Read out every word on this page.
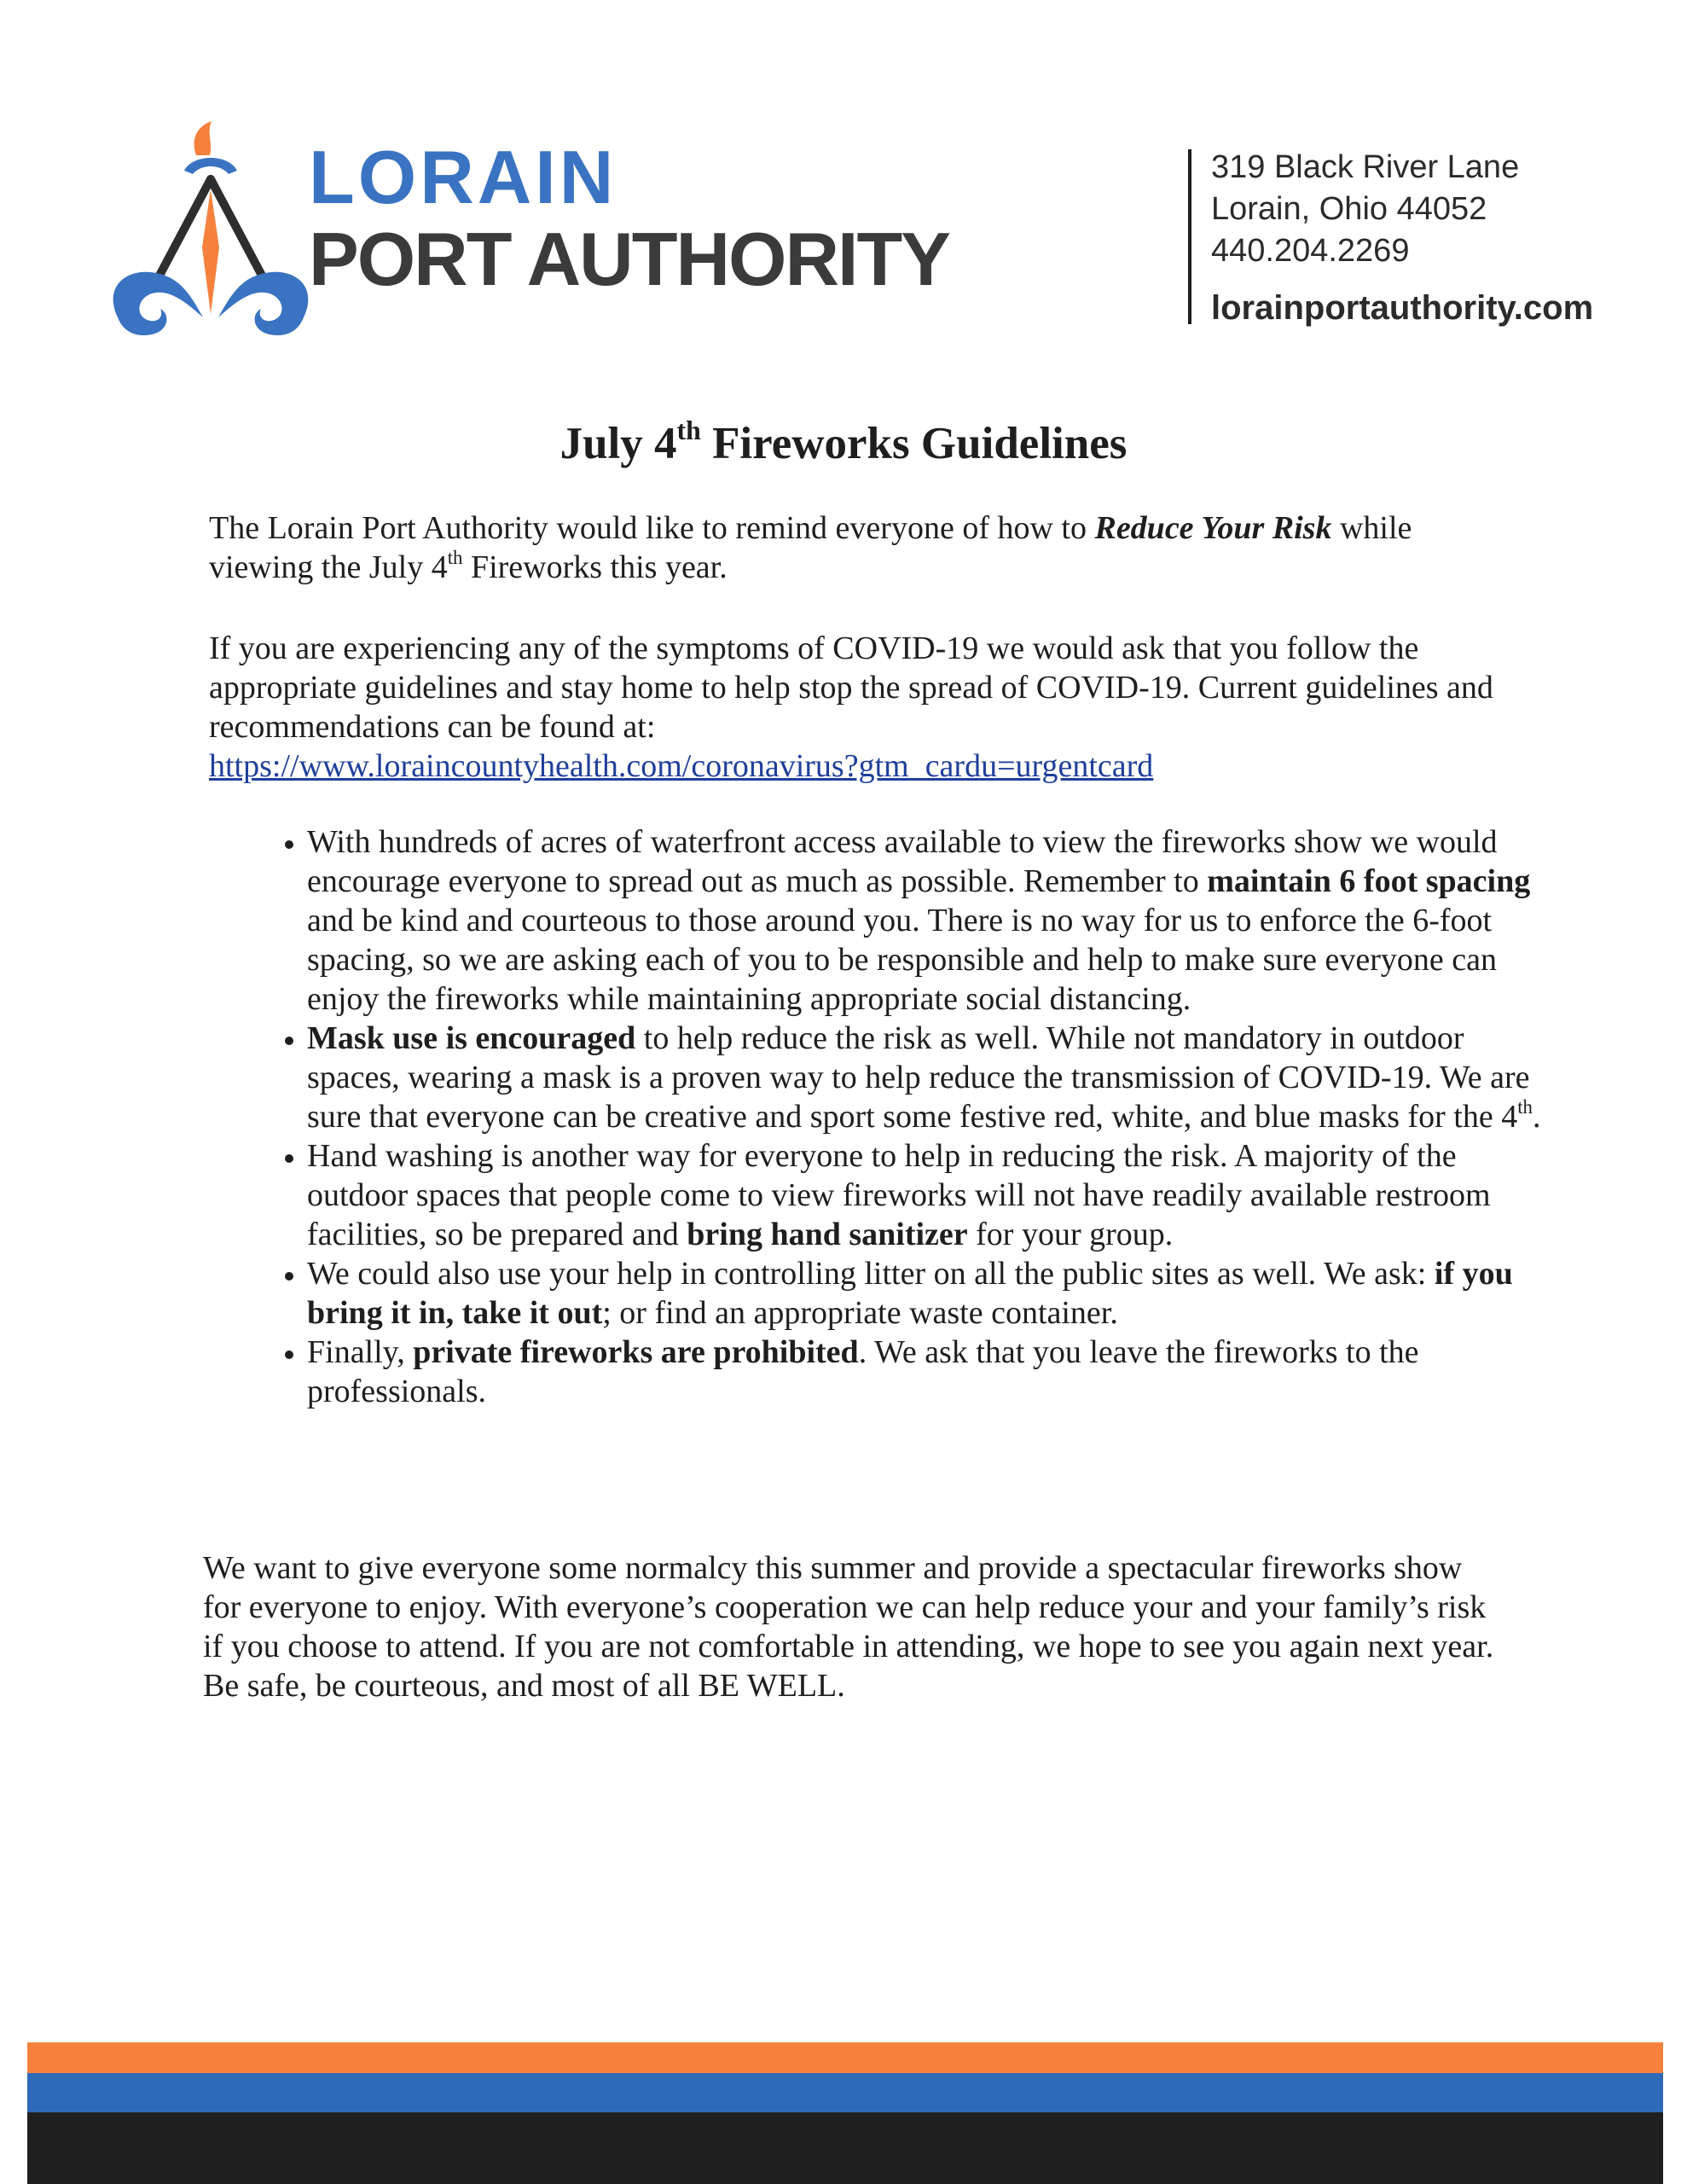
LORAIN
PORT AUTHORITY
319 Black River Lane
Lorain, Ohio 44052
440.204.2269
lorainportauthority.com
July 4th Fireworks Guidelines
The Lorain Port Authority would like to remind everyone of how to Reduce Your Risk while viewing the July 4th Fireworks this year.
If you are experiencing any of the symptoms of COVID-19 we would ask that you follow the appropriate guidelines and stay home to help stop the spread of COVID-19. Current guidelines and recommendations can be found at:
https://www.loraincountyhealth.com/coronavirus?gtm_cardu=urgentcard
• With hundreds of acres of waterfront access available to view the fireworks show we would encourage everyone to spread out as much as possible. Remember to maintain 6 foot spacing and be kind and courteous to those around you. There is no way for us to enforce the 6-foot spacing, so we are asking each of you to be responsible and help to make sure everyone can enjoy the fireworks while maintaining appropriate social distancing.
• Mask use is encouraged to help reduce the risk as well. While not mandatory in outdoor spaces, wearing a mask is a proven way to help reduce the transmission of COVID-19. We are sure that everyone can be creative and sport some festive red, white, and blue masks for the 4th.
• Hand washing is another way for everyone to help in reducing the risk. A majority of the outdoor spaces that people come to view fireworks will not have readily available restroom facilities, so be prepared and bring hand sanitizer for your group.
• We could also use your help in controlling litter on all the public sites as well. We ask: if you bring it in, take it out; or find an appropriate waste container.
• Finally, private fireworks are prohibited. We ask that you leave the fireworks to the professionals.
We want to give everyone some normalcy this summer and provide a spectacular fireworks show for everyone to enjoy. With everyone’s cooperation we can help reduce your and your family’s risk if you choose to attend. If you are not comfortable in attending, we hope to see you again next year. Be safe, be courteous, and most of all BE WELL.
